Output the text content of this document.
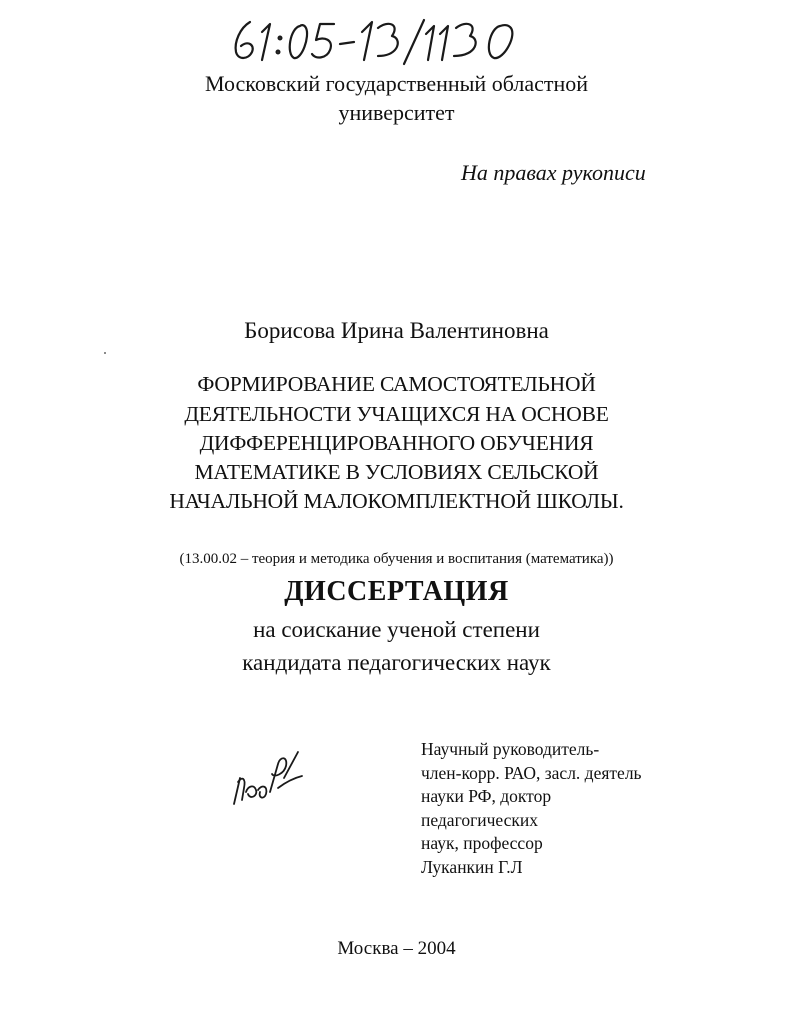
Московский государственный областной
университет
На правах рукописи
Борисова Ирина Валентиновна
ФОРМИРОВАНИЕ САМОСТОЯТЕЛЬНОЙ
ДЕЯТЕЛЬНОСТИ УЧАЩИХСЯ НА ОСНОВЕ
ДИФФЕРЕНЦИРОВАННОГО ОБУЧЕНИЯ
МАТЕМАТИКЕ В УСЛОВИЯХ СЕЛЬСКОЙ
НАЧАЛЬНОЙ МАЛОКОМПЛЕКТНОЙ ШКОЛЫ.
(13.00.02 – теория и методика обучения и воспитания (математика))
ДИССЕРТАЦИЯ
на соискание ученой степени
кандидата педагогических наук
Научный руководитель-
член-корр. РАО, засл. деятель
науки РФ, доктор
педагогических
наук, профессор
Луканкин Г.Л
Москва – 2004
